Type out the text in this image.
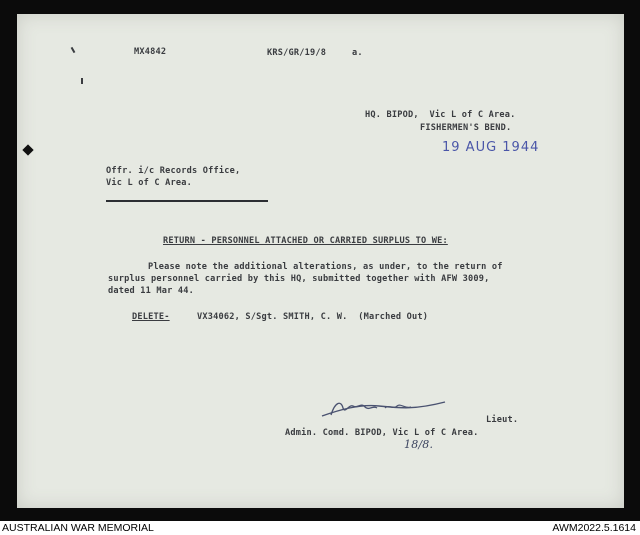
MX4842	KRS/GR/19/8	a.
HQ. BIPOD,  Vic L of C Area.
FISHERMEN'S BEND.
19 AUG 1944
Offr. i/c Records Office,
Vic L of C Area.
RETURN - PERSONNEL ATTACHED OR CARRIED SURPLUS TO WE:
Please note the additional alterations, as under, to the return of
surplus personnel carried by this HQ, submitted together with AFW 3009,
dated 11 Mar 44.
DELETE-	VX34062, S/Sgt. SMITH, C. W.  (Marched Out)
Lieut.
Admin. Comd. BIPOD, Vic L of C Area.
18/8.
AUSTRALIAN WAR MEMORIAL	AWM2022.5.1614
